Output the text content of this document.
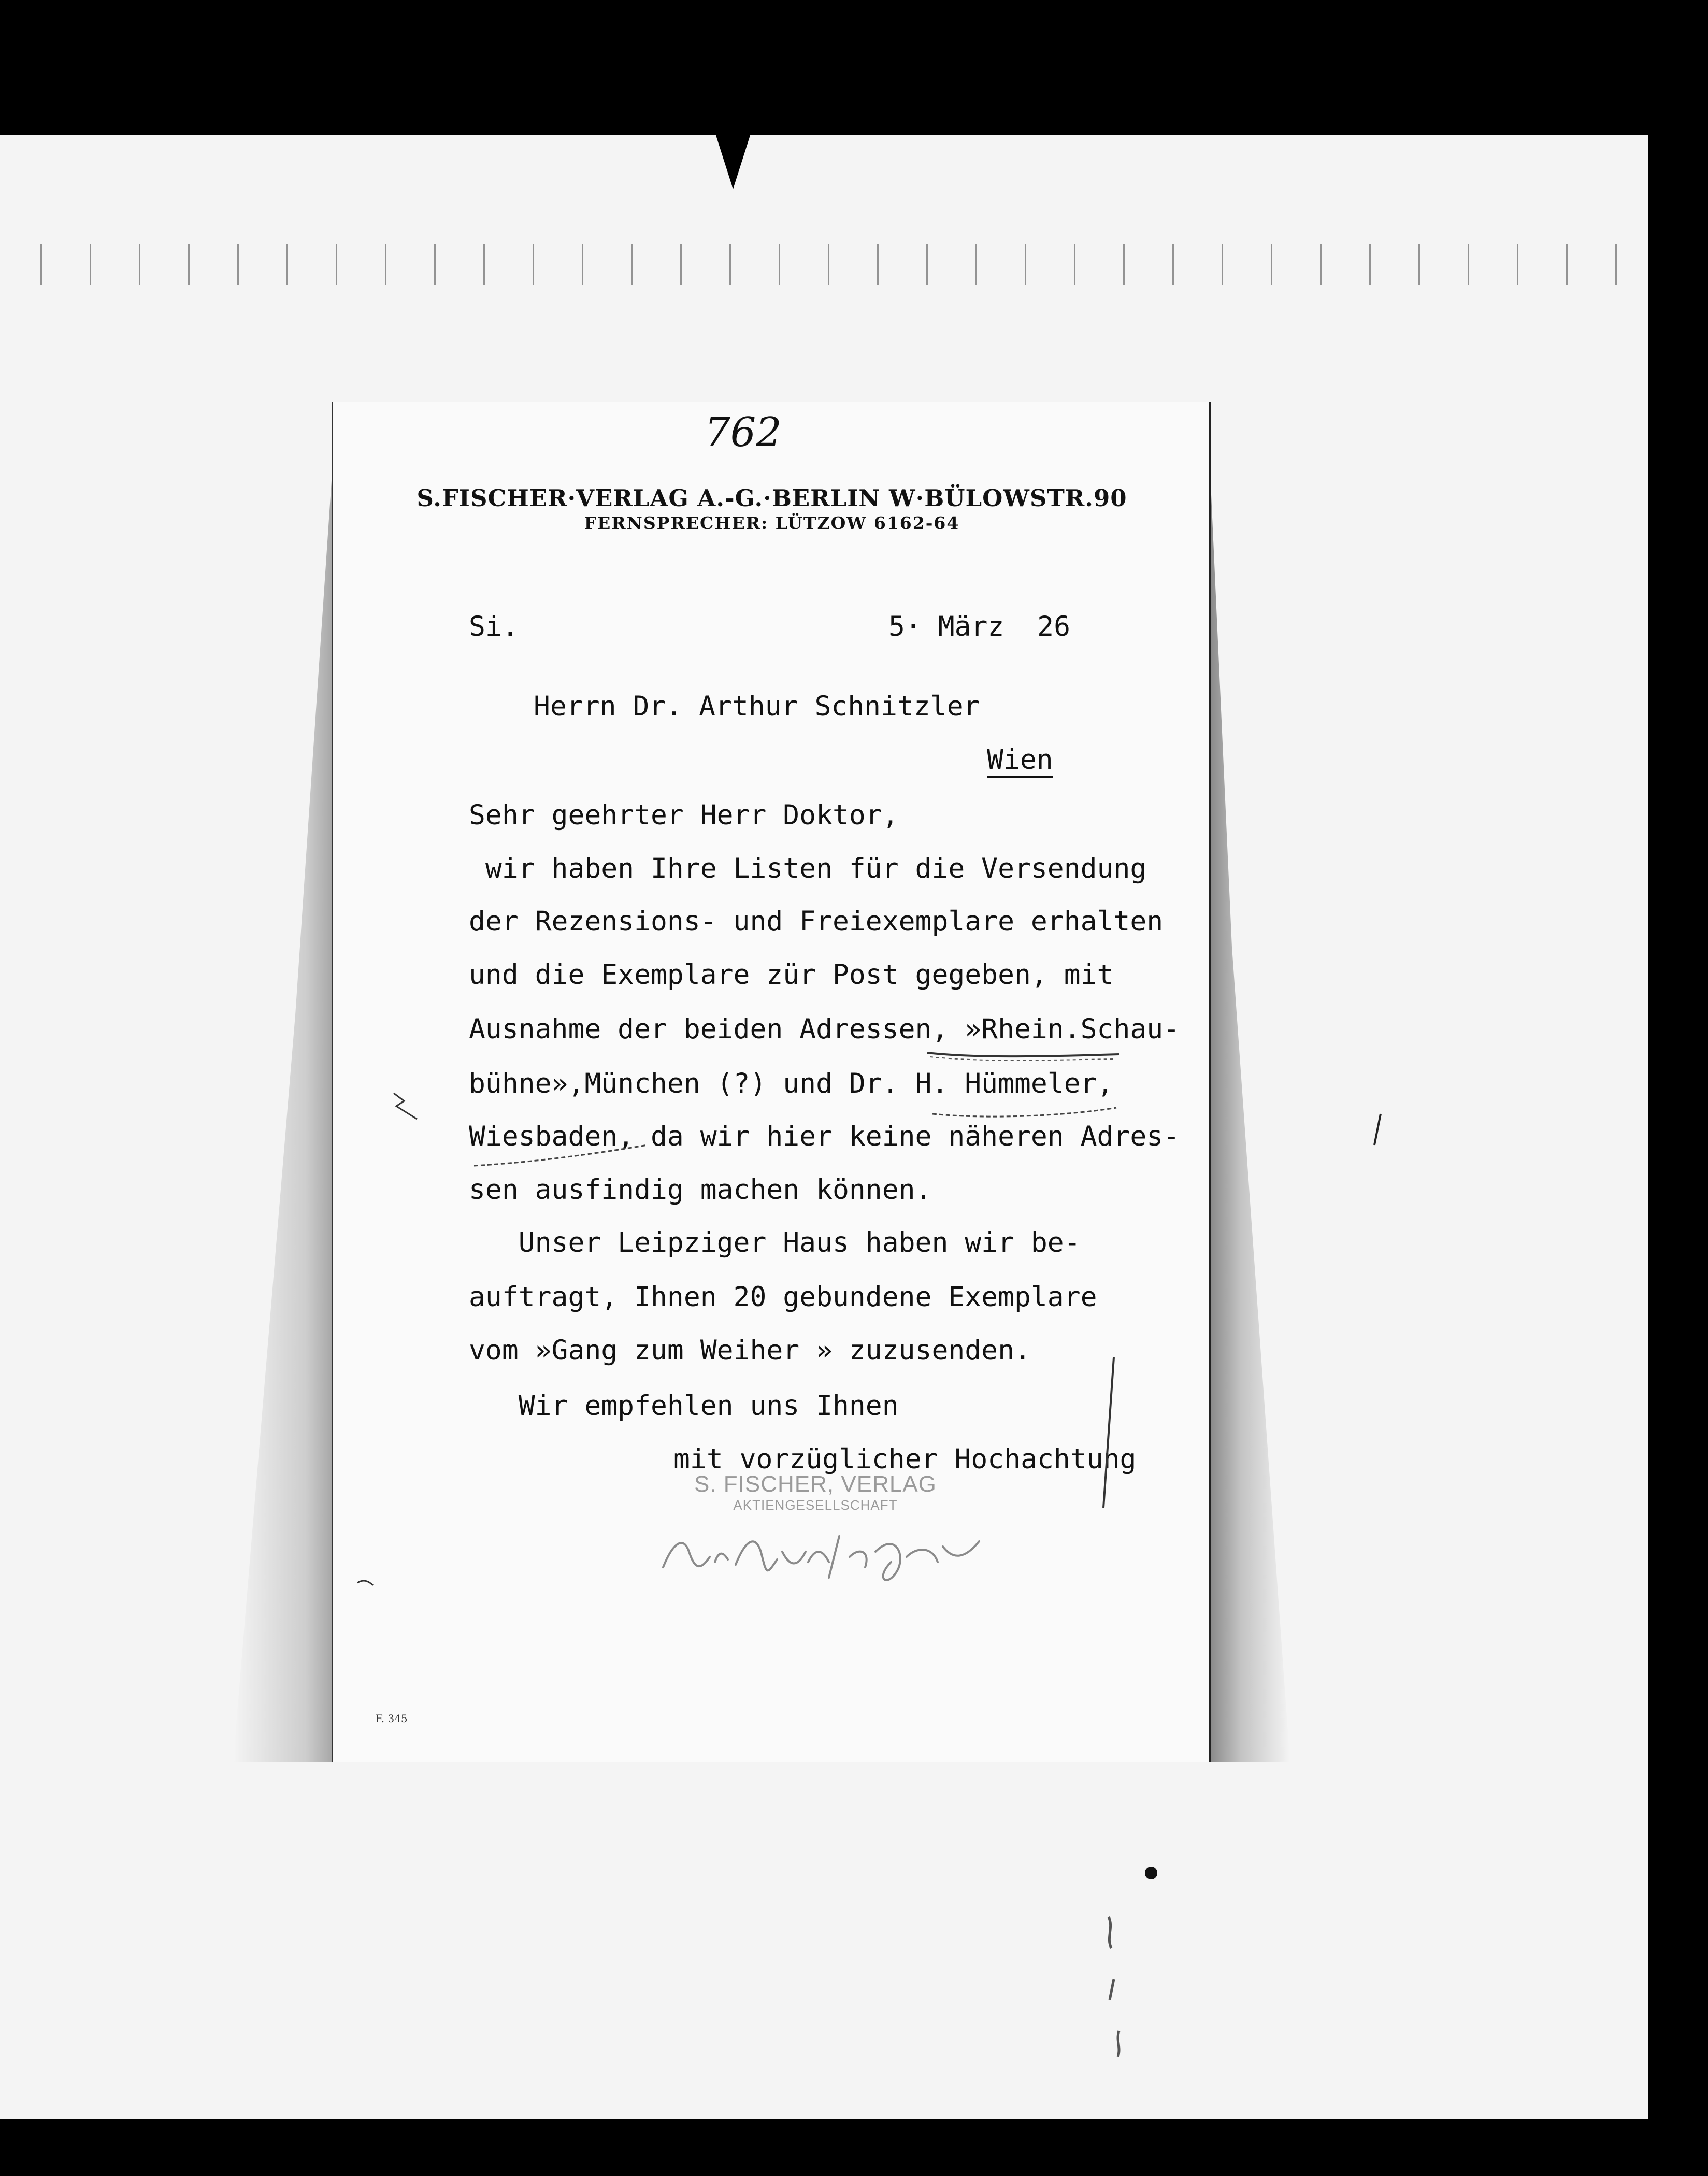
762
S.FISCHER·VERLAG A.-G.·BERLIN W·BÜLOWSTR.90
FERNSPRECHER: LÜTZOW 6162-64
Si.	5· März  26
Herrn Dr. Arthur Schnitzler
Wien
Sehr geehrter Herr Doktor,
wir haben Ihre Listen für die Versendung
der Rezensions- und Freiexemplare erhalten
und die Exemplare zür Post gegeben, mit
Ausnahme der beiden Adressen, »Rhein.Schau-
bühne»,München (?) und Dr. H. Hümmeler,
Wiesbaden, da wir hier keine näheren Adres-
sen ausfindig machen können.
Unser Leipziger Haus haben wir be-
auftragt, Ihnen 20 gebundene Exemplare
vom »Gang zum Weiher » zuzusenden.
Wir empfehlen uns Ihnen
mit vorzüglicher Hochachtung
S. FISCHER, VERLAG
AKTIENGESELLSCHAFT
F. 345
